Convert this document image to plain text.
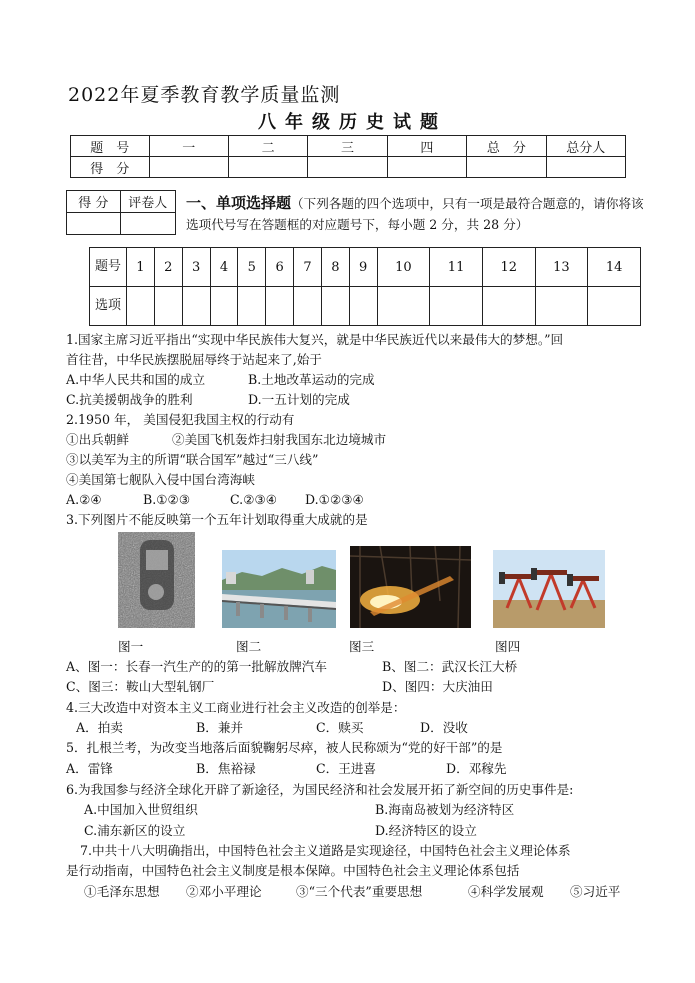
2022年夏季教育教学质量监测
八年级历史试题
题　号	一	二	三	四	总　分	总分人
得　分						
得 分	评卷人
	一、单项选择题（下列各题的四个选项中，只有一项是最符合题意的，请你将该选项代号写在答题框的对应题号下，每小题 2 分，共 28 分）
题号	1	2	3	4	5	6	7	8	9	10	11	12	13	14
选项														
1.国家主席习近平指出“实现中华民族伟大复兴，就是中华民族近代以来最伟大的梦想。”回
首往昔，中华民族摆脱屈辱终于站起来了,始于
A.中华人民共和国的成立	B.土地改革运动的完成
C.抗美援朝战争的胜利	D.一五计划的完成
2.1950 年， 美国侵犯我国主权的行动有
①出兵朝鲜	②美国飞机轰炸扫射我国东北边境城市
③以美军为主的所谓“联合国军”越过“三八线”
④美国第七舰队入侵中国台湾海峡
A.②④	B.①②③	C.②③④ D.①②③④
3.下列图片不能反映第一个五年计划取得重大成就的是
图一	图二	图三	图四
A、图一：长春一汽生产的的第一批解放牌汽车	B、图二：武汉长江大桥
C、图三：鞍山大型轧钢厂	D、图四：大庆油田
4.三大改造中对资本主义工商业进行社会主义改造的创举是：
A．拍卖	B．兼并	C．赎买	D．没收
5．扎根兰考，为改变当地落后面貌鞠躬尽瘁，被人民称颂为“党的好干部”的是
A．雷锋	B．焦裕禄	C．王进喜	D．邓稼先
6.为我国参与经济全球化开辟了新途径，为国民经济和社会发展开拓了新空间的历史事件是:
A.中国加入世贸组织	B.海南岛被划为经济特区
C.浦东新区的设立	D.经济特区的设立
7.中共十八大明确指出，中国特色社会主义道路是实现途径，中国特色社会主义理论体系
是行动指南，中国特色社会主义制度是根本保障。中国特色社会主义理论体系包括
①毛泽东思想 ②邓小平理论	③“三个代表”重要思想	④科学发展观 ⑤习近平
